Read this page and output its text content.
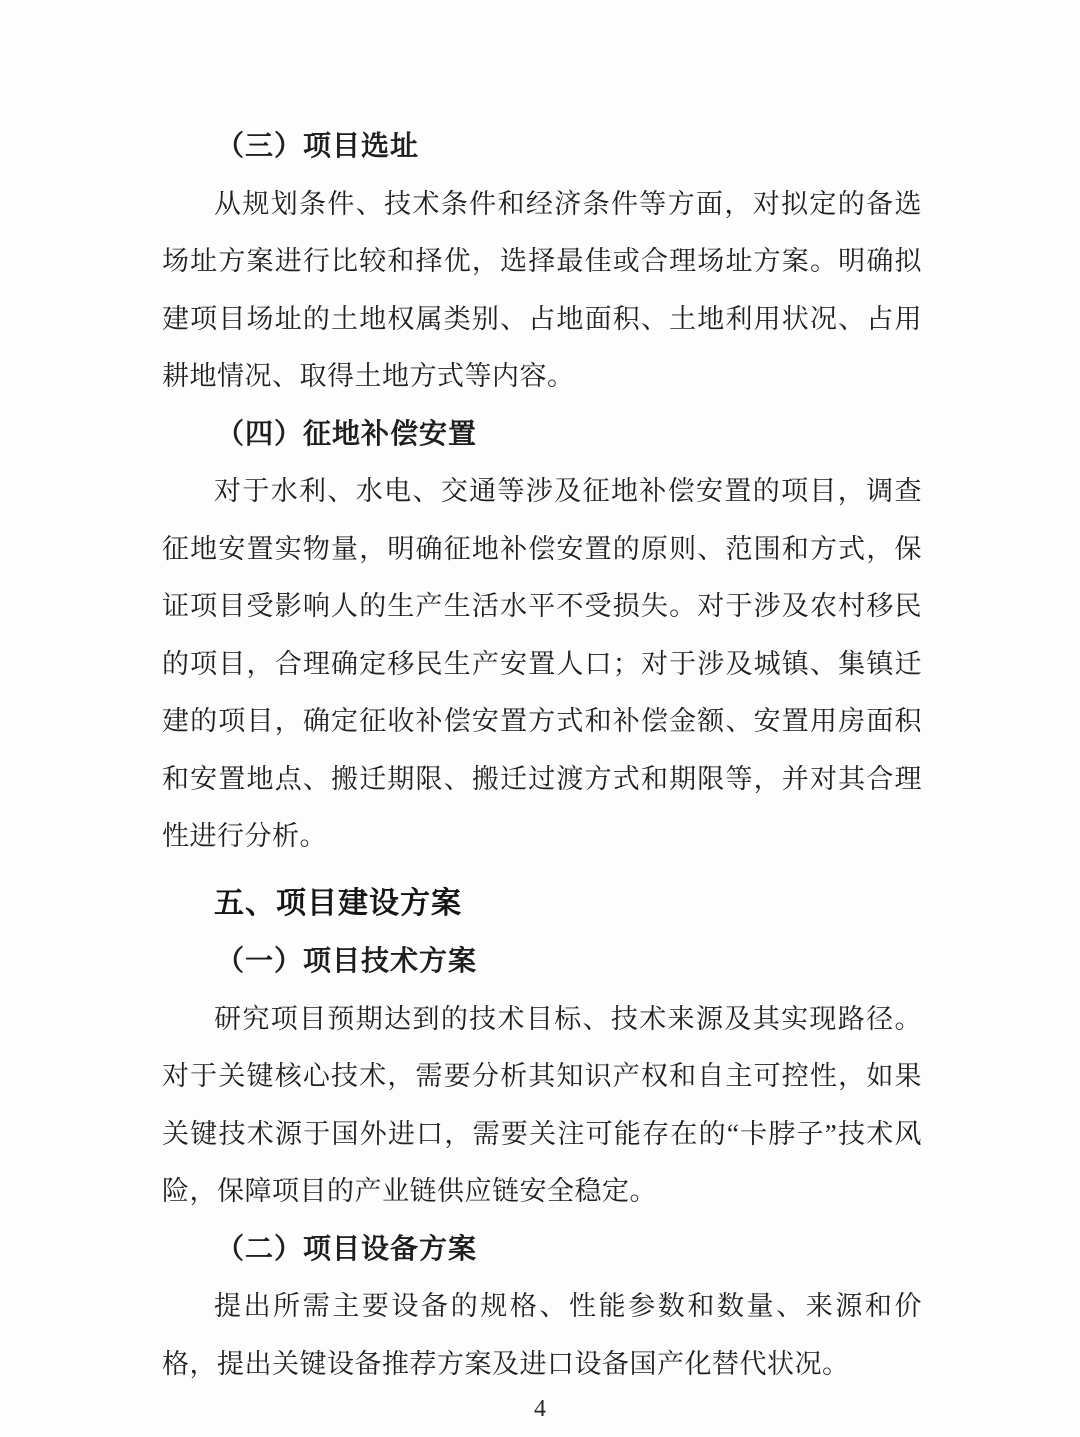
（三）项目选址

从规划条件、技术条件和经济条件等方面，对拟定的备选场址方案进行比较和择优，选择最佳或合理场址方案。明确拟建项目场址的土地权属类别、占地面积、土地利用状况、占用耕地情况、取得土地方式等内容。

（四）征地补偿安置

对于水利、水电、交通等涉及征地补偿安置的项目，调查征地安置实物量，明确征地补偿安置的原则、范围和方式，保证项目受影响人的生产生活水平不受损失。对于涉及农村移民的项目，合理确定移民生产安置人口；对于涉及城镇、集镇迁建的项目，确定征收补偿安置方式和补偿金额、安置用房面积和安置地点、搬迁期限、搬迁过渡方式和期限等，并对其合理性进行分析。

五、项目建设方案
（一）项目技术方案

研究项目预期达到的技术目标、技术来源及其实现路径。对于关键核心技术，需要分析其知识产权和自主可控性，如果关键技术源于国外进口，需要关注可能存在的“卡脖子”技术风险，保障项目的产业链供应链安全稳定。

（二）项目设备方案

提出所需主要设备的规格、性能参数和数量、来源和价格，提出关键设备推荐方案及进口设备国产化替代状况。

4
